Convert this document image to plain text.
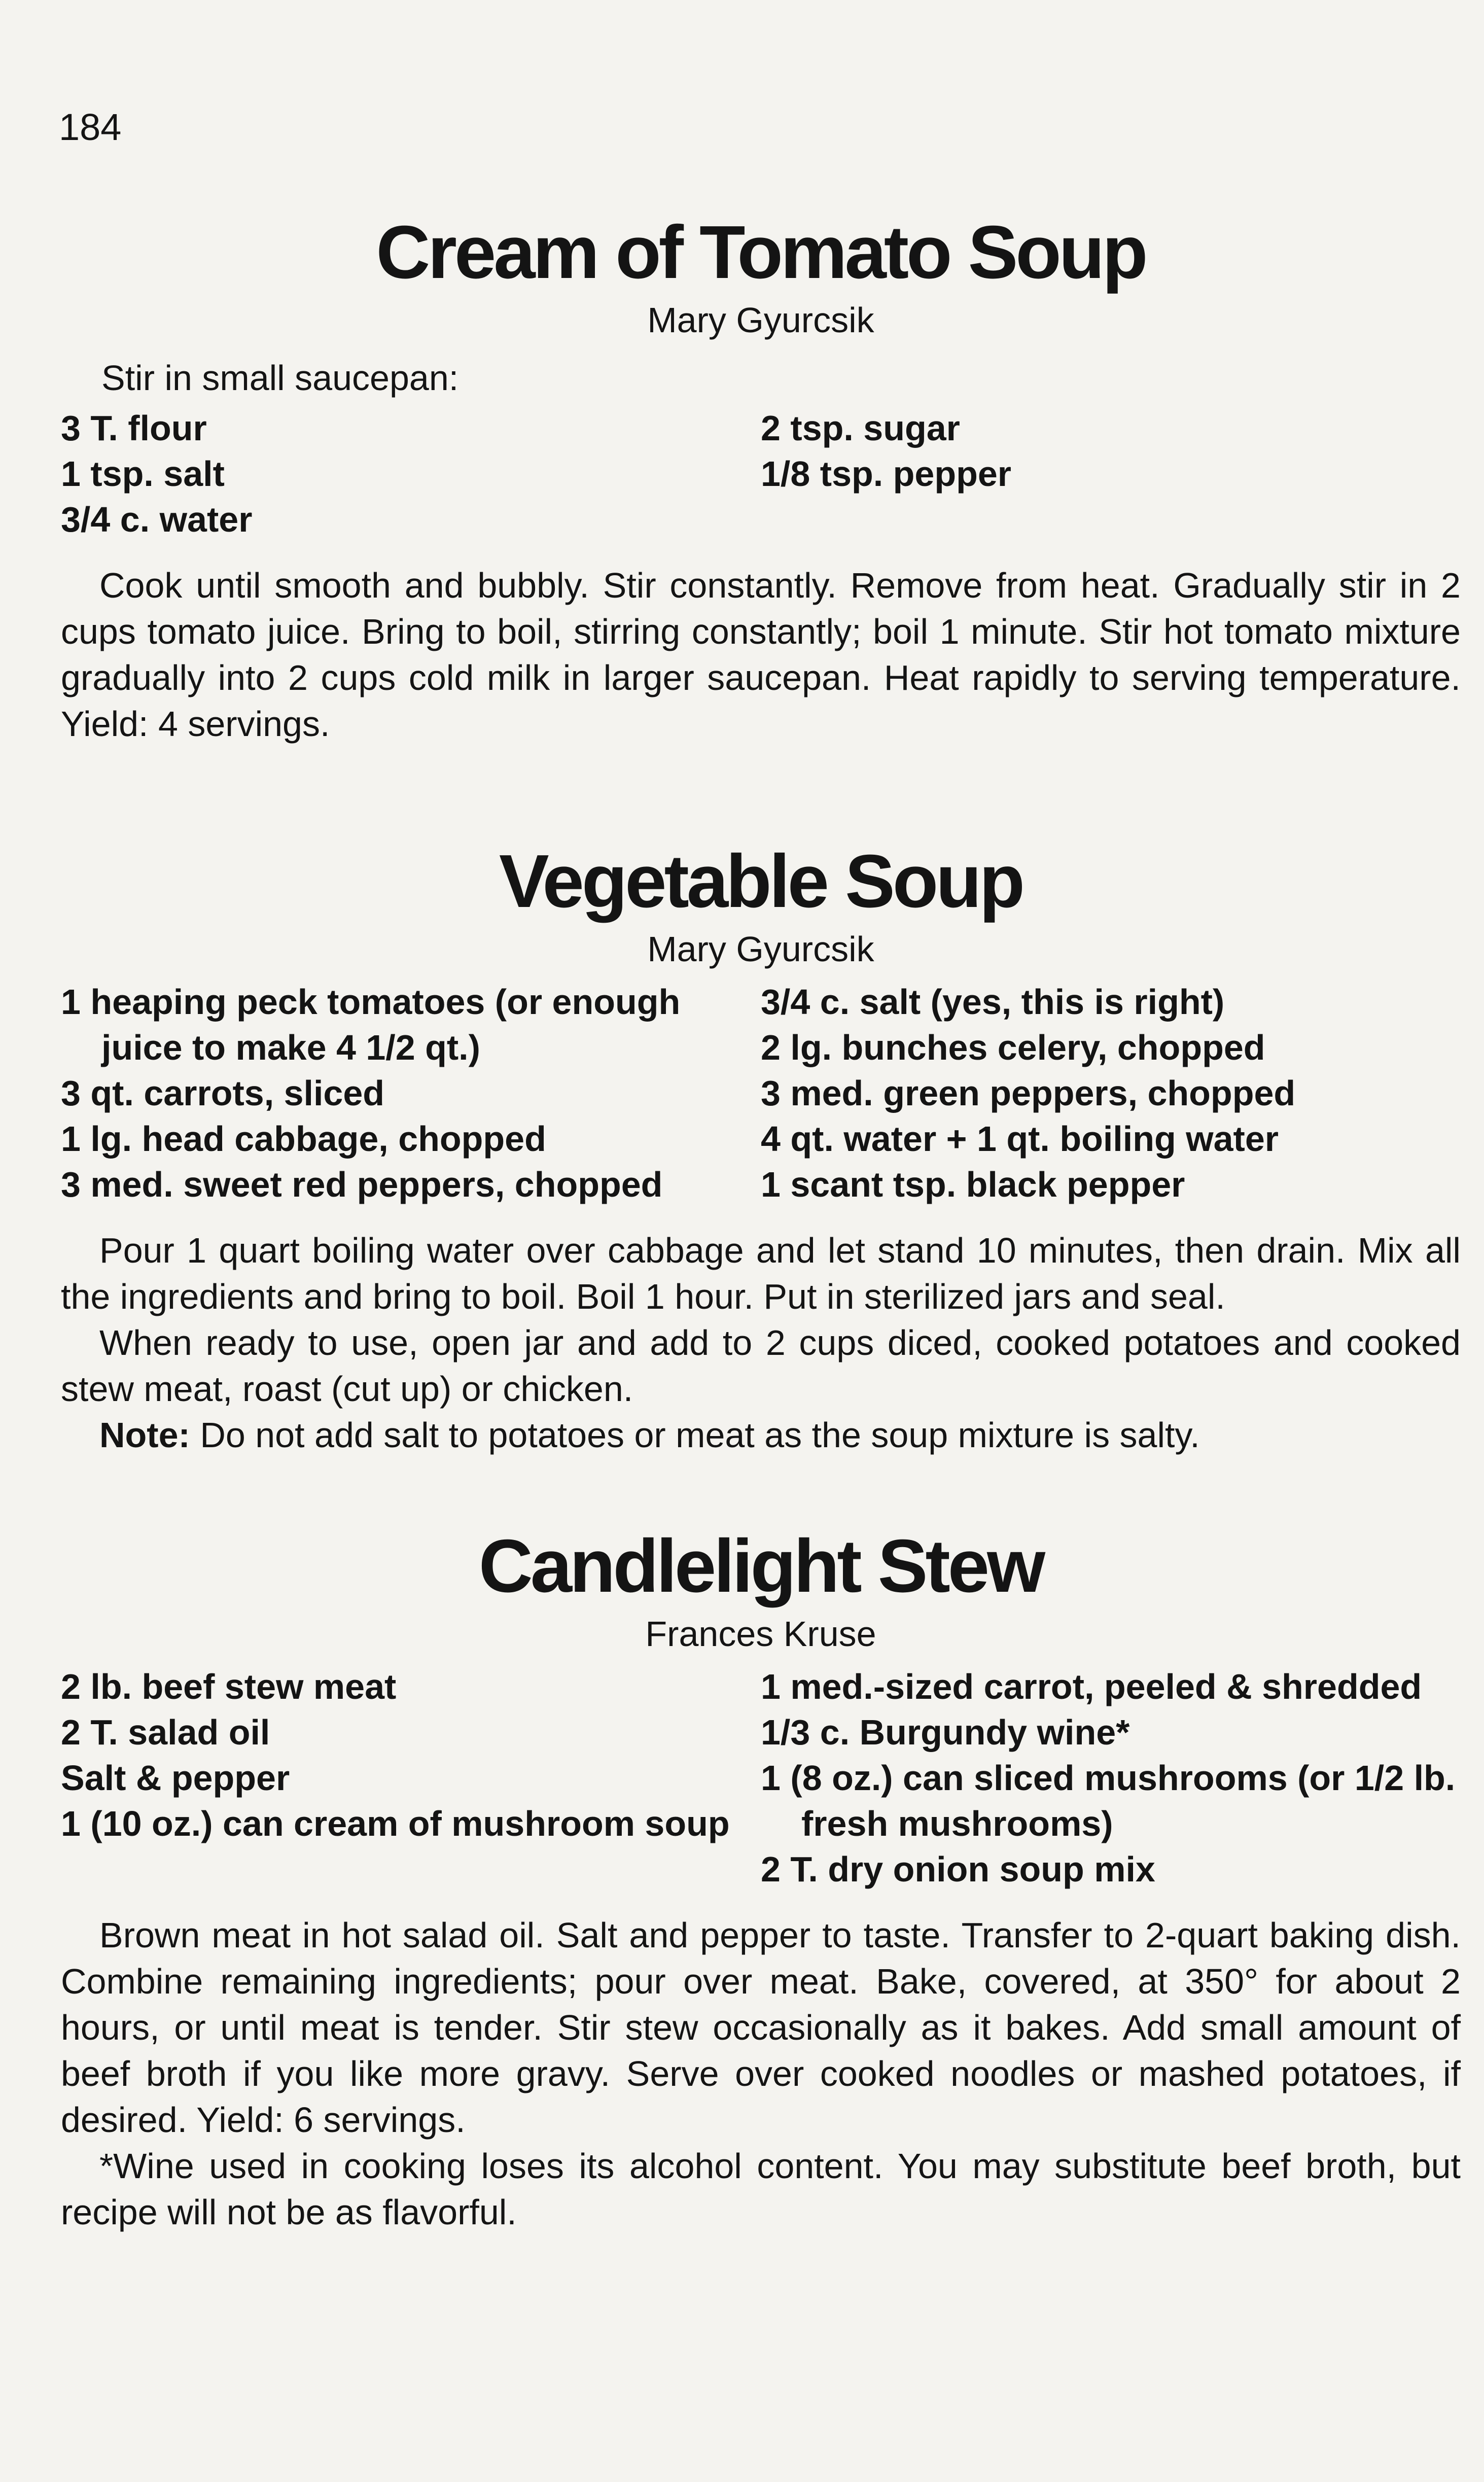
184

Cream of Tomato Soup

Mary Gyurcsik

Stir in small saucepan:

3 T. flour

1 tsp. salt

3/4 c. water

2 tsp. sugar

1/8 tsp. pepper

Cook until smooth and bubbly. Stir constantly. Remove from heat. Gradually stir in 2 cups tomato juice. Bring to boil, stirring constantly; boil 1 minute. Stir hot tomato mixture gradually into 2 cups cold milk in larger saucepan. Heat rapidly to serving temperature. Yield: 4 servings.

Vegetable Soup

Mary Gyurcsik

1 heaping peck tomatoes (or enough juice to make 4 1/2 qt.)

3 qt. carrots, sliced

1 lg. head cabbage, chopped

3 med. sweet red peppers, chopped

3/4 c. salt (yes, this is right)

2 lg. bunches celery, chopped

3 med. green peppers, chopped

4 qt. water + 1 qt. boiling water

1 scant tsp. black pepper

Pour 1 quart boiling water over cabbage and let stand 10 minutes, then drain. Mix all the ingredients and bring to boil. Boil 1 hour. Put in sterilized jars and seal.

When ready to use, open jar and add to 2 cups diced, cooked potatoes and cooked stew meat, roast (cut up) or chicken.

Note: Do not add salt to potatoes or meat as the soup mixture is salty.

Candlelight Stew

Frances Kruse

2 lb. beef stew meat

2 T. salad oil

Salt & pepper

1 (10 oz.) can cream of mushroom soup

1 med.-sized carrot, peeled & shredded

1/3 c. Burgundy wine*

1 (8 oz.) can sliced mushrooms (or 1/2 lb. fresh mushrooms)

2 T. dry onion soup mix

Brown meat in hot salad oil. Salt and pepper to taste. Transfer to 2-quart baking dish. Combine remaining ingredients; pour over meat. Bake, covered, at 350° for about 2 hours, or until meat is tender. Stir stew occasionally as it bakes. Add small amount of beef broth if you like more gravy. Serve over cooked noodles or mashed potatoes, if desired. Yield: 6 servings.

*Wine used in cooking loses its alcohol content. You may substitute beef broth, but recipe will not be as flavorful.
